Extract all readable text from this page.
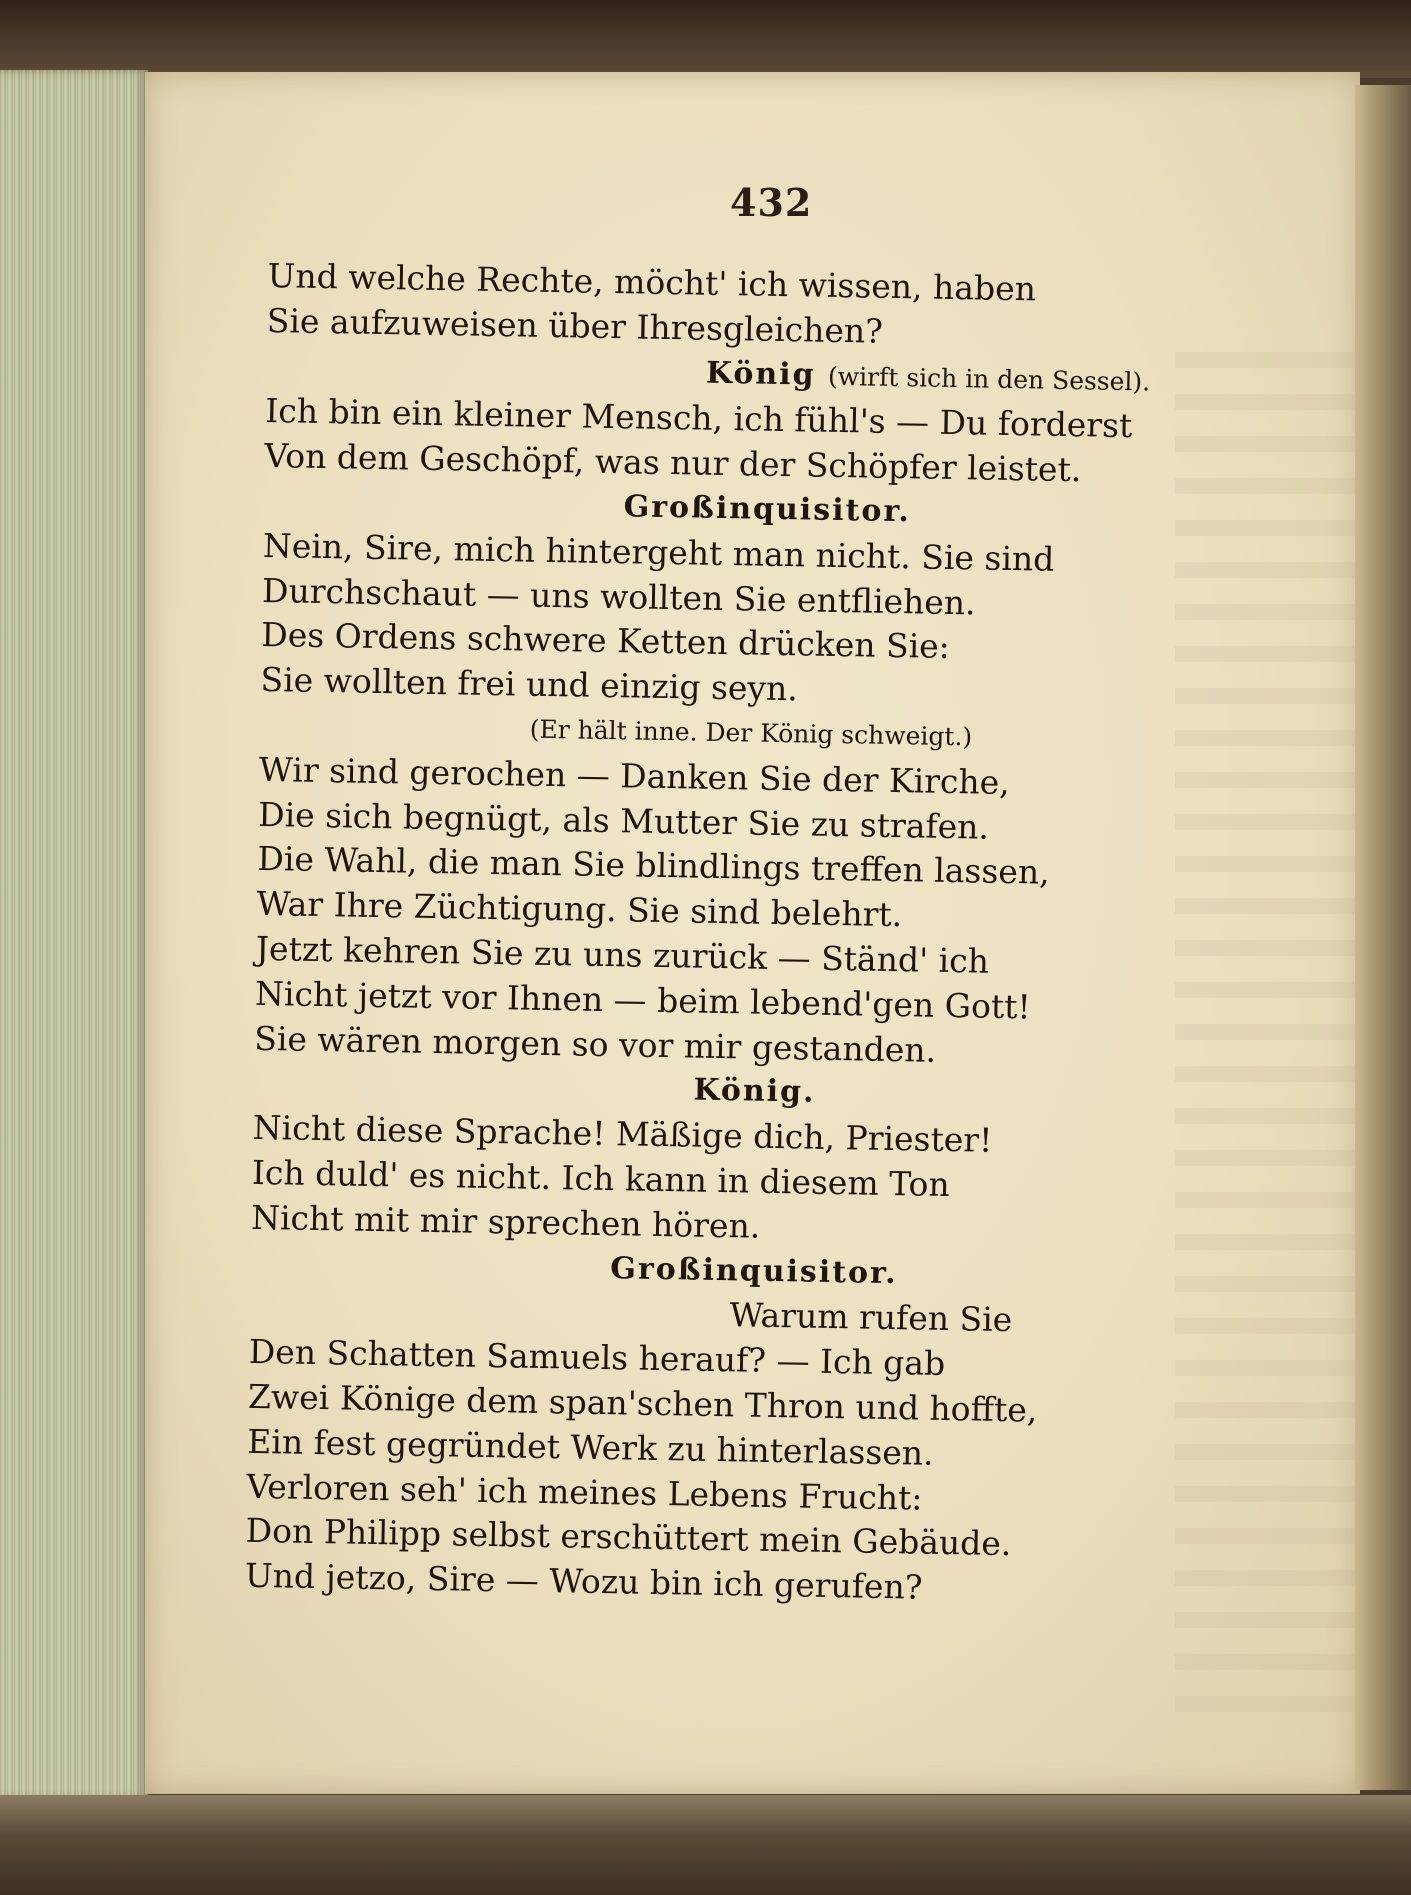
432
Und welche Rechte, möcht' ich wissen, haben
Sie aufzuweisen über Ihresgleichen?
König (wirft sich in den Sessel).
Ich bin ein kleiner Mensch, ich fühl's — Du forderst
Von dem Geschöpf, was nur der Schöpfer leistet.
Großinquisitor.
Nein, Sire, mich hintergeht man nicht. Sie sind
Durchschaut — uns wollten Sie entfliehen.
Des Ordens schwere Ketten drücken Sie:
Sie wollten frei und einzig seyn.
(Er hält inne. Der König schweigt.)
Wir sind gerochen — Danken Sie der Kirche,
Die sich begnügt, als Mutter Sie zu strafen.
Die Wahl, die man Sie blindlings treffen lassen,
War Ihre Züchtigung. Sie sind belehrt.
Jetzt kehren Sie zu uns zurück — Ständ' ich
Nicht jetzt vor Ihnen — beim lebend'gen Gott!
Sie wären morgen so vor mir gestanden.
König.
Nicht diese Sprache! Mäßige dich, Priester!
Ich duld' es nicht. Ich kann in diesem Ton
Nicht mit mir sprechen hören.
Großinquisitor.
Warum rufen Sie
Den Schatten Samuels herauf? — Ich gab
Zwei Könige dem span'schen Thron und hoffte,
Ein fest gegründet Werk zu hinterlassen.
Verloren seh' ich meines Lebens Frucht:
Don Philipp selbst erschüttert mein Gebäude.
Und jetzo, Sire — Wozu bin ich gerufen?
